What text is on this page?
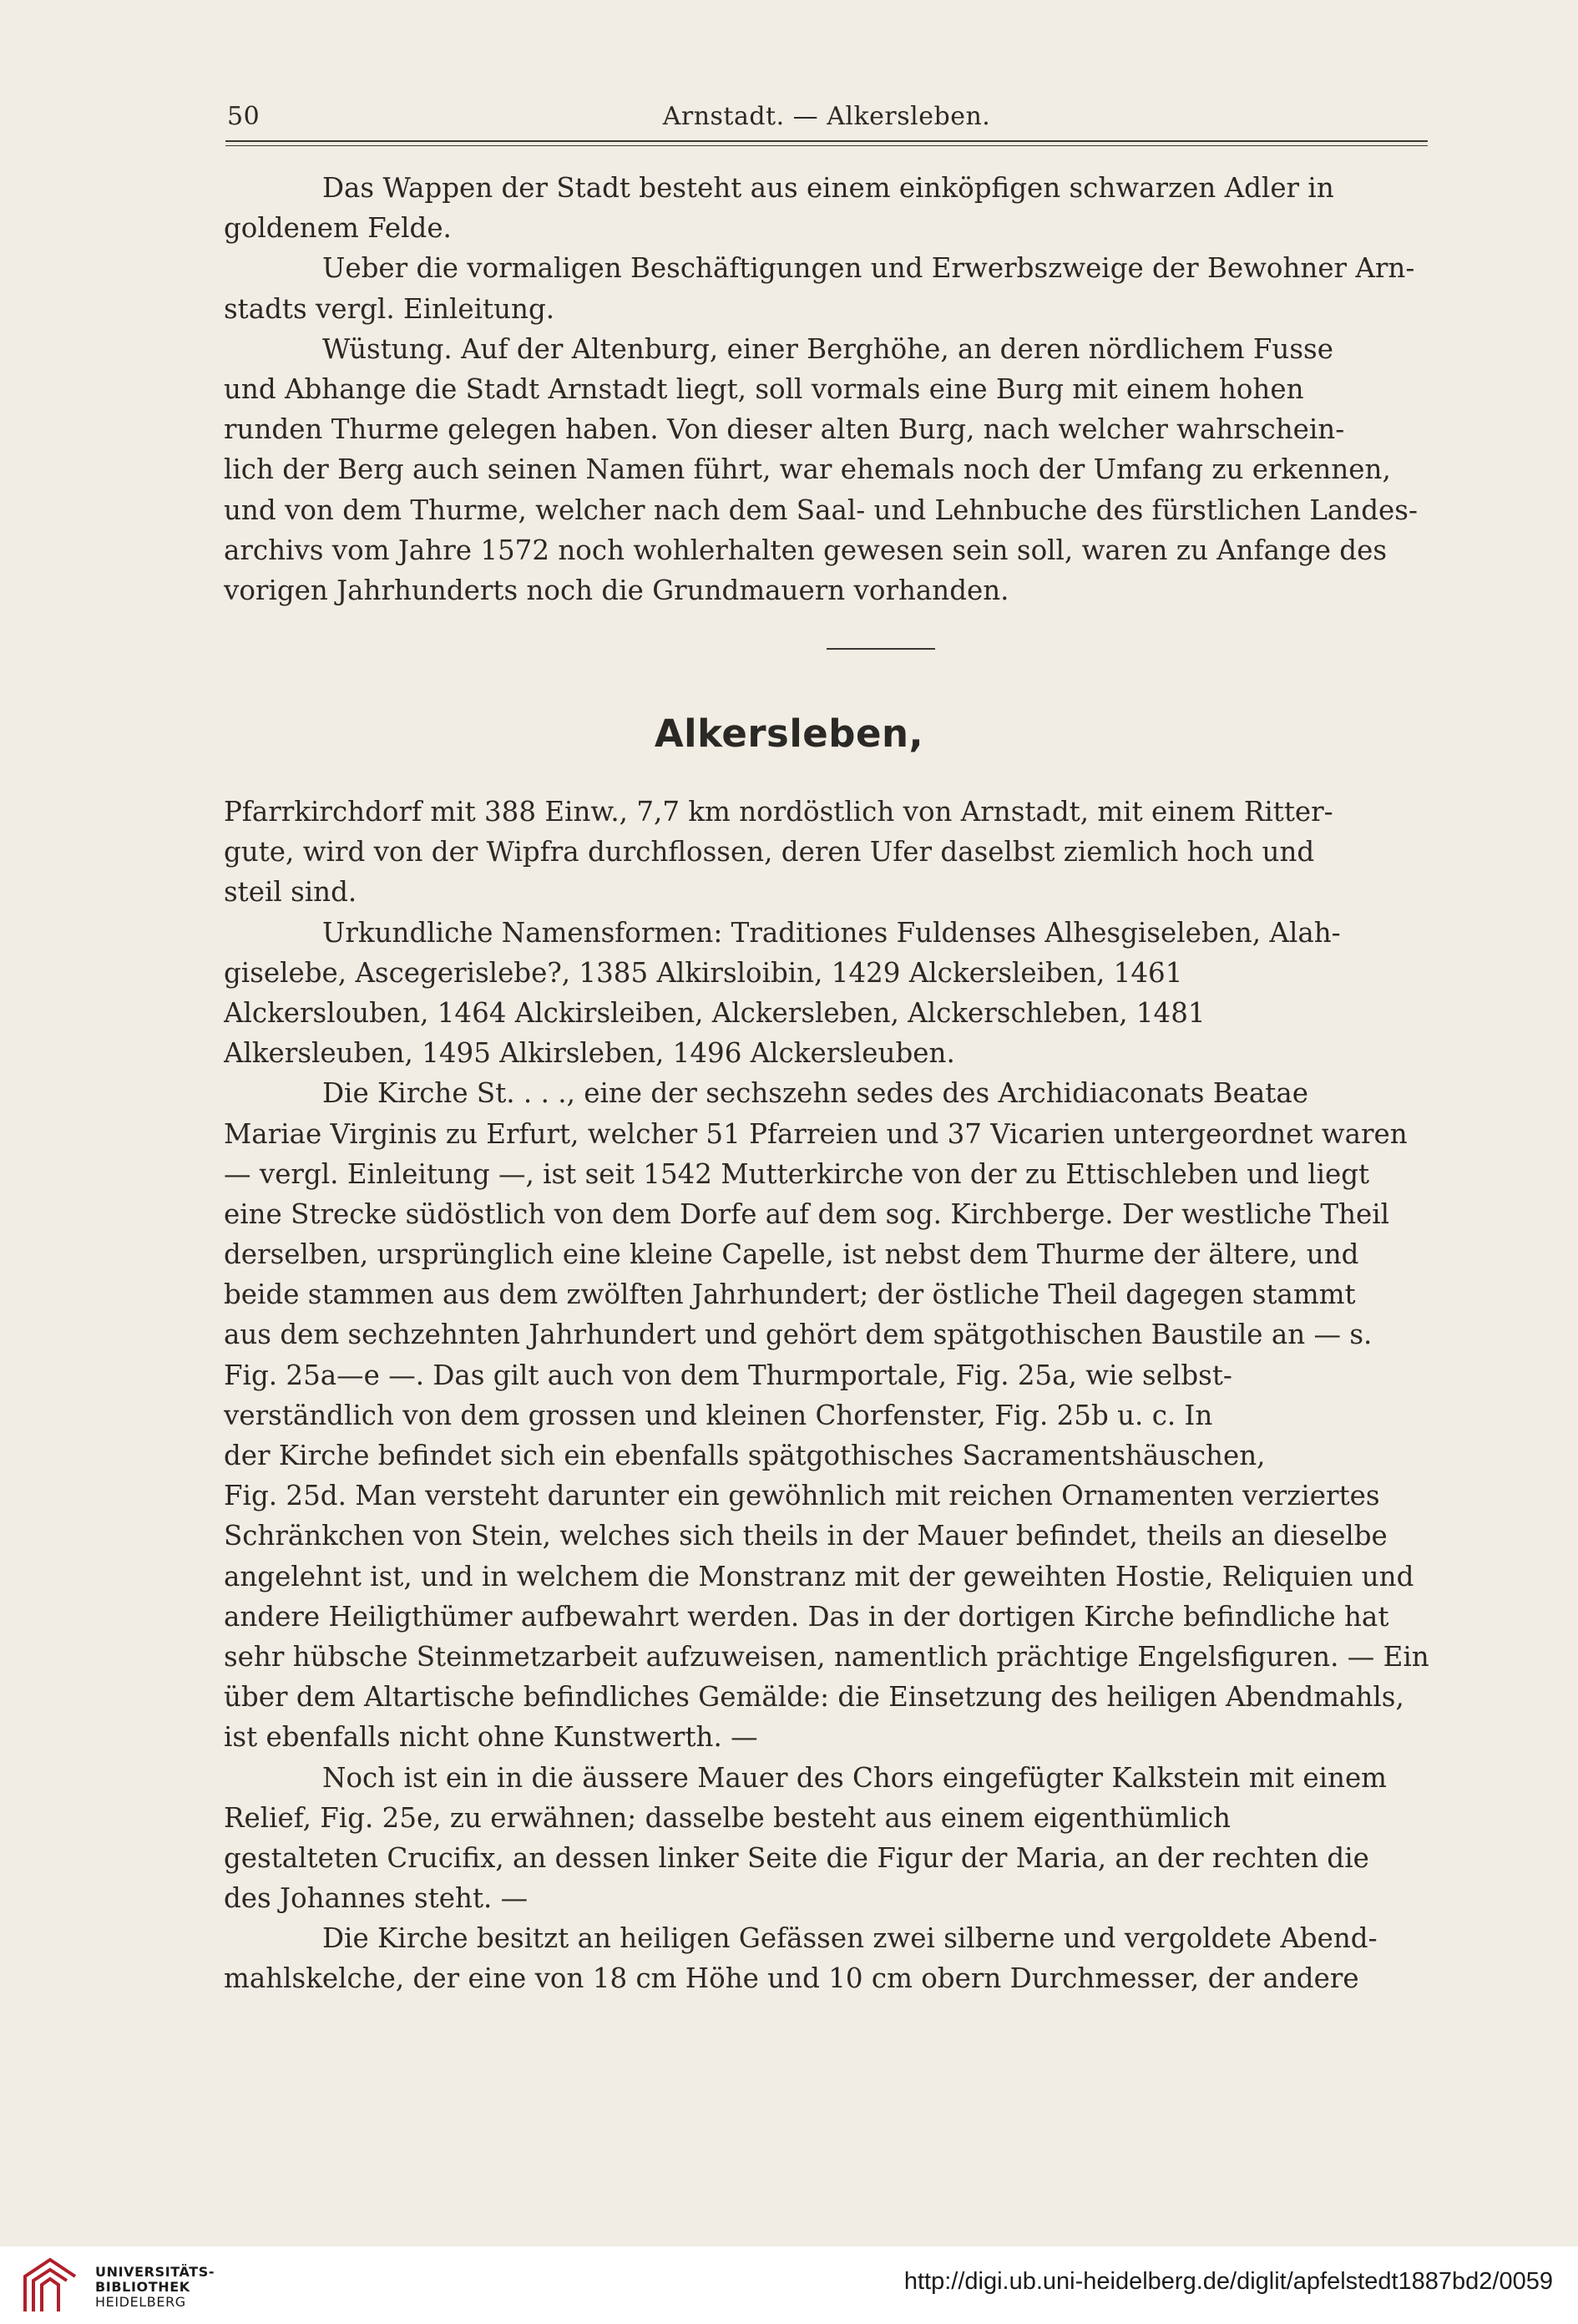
50	Arnstadt. — Alkersleben.
Das Wappen der Stadt besteht aus einem einköpfigen schwarzen Adler in
goldenem Felde.
Ueber die vormaligen Beschäftigungen und Erwerbszweige der Bewohner Arn-
stadts vergl. Einleitung.
Wüstung. Auf der Altenburg, einer Berghöhe, an deren nördlichem Fusse
und Abhange die Stadt Arnstadt liegt, soll vormals eine Burg mit einem hohen
runden Thurme gelegen haben. Von dieser alten Burg, nach welcher wahrschein-
lich der Berg auch seinen Namen führt, war ehemals noch der Umfang zu erkennen,
und von dem Thurme, welcher nach dem Saal- und Lehnbuche des fürstlichen Landes-
archivs vom Jahre 1572 noch wohlerhalten gewesen sein soll, waren zu Anfange des
vorigen Jahrhunderts noch die Grundmauern vorhanden.
Alkersleben,
Pfarrkirchdorf mit 388 Einw., 7,7 km nordöstlich von Arnstadt, mit einem Ritter-
gute, wird von der Wipfra durchflossen, deren Ufer daselbst ziemlich hoch und
steil sind.
Urkundliche Namensformen: Traditiones Fuldenses Alhesgiseleben, Alah-
giselebe, Ascegerislebe?, 1385 Alkirsloibin, 1429 Alckersleiben, 1461
Alckerslouben, 1464 Alckirsleiben, Alckersleben, Alckerschleben, 1481
Alkersleuben, 1495 Alkirsleben, 1496 Alckersleuben.
Die Kirche St. . . ., eine der sechszehn sedes des Archidiaconats Beatae
Mariae Virginis zu Erfurt, welcher 51 Pfarreien und 37 Vicarien untergeordnet waren
— vergl. Einleitung —, ist seit 1542 Mutterkirche von der zu Ettischleben und liegt
eine Strecke südöstlich von dem Dorfe auf dem sog. Kirchberge. Der westliche Theil
derselben, ursprünglich eine kleine Capelle, ist nebst dem Thurme der ältere, und
beide stammen aus dem zwölften Jahrhundert; der östliche Theil dagegen stammt
aus dem sechzehnten Jahrhundert und gehört dem spätgothischen Baustile an — s.
Fig. 25a—e —. Das gilt auch von dem Thurmportale, Fig. 25a, wie selbst-
verständlich von dem grossen und kleinen Chorfenster, Fig. 25b u. c. In
der Kirche befindet sich ein ebenfalls spätgothisches Sacramentshäuschen,
Fig. 25d. Man versteht darunter ein gewöhnlich mit reichen Ornamenten verziertes
Schränkchen von Stein, welches sich theils in der Mauer befindet, theils an dieselbe
angelehnt ist, und in welchem die Monstranz mit der geweihten Hostie, Reliquien und
andere Heiligthümer aufbewahrt werden. Das in der dortigen Kirche befindliche hat
sehr hübsche Steinmetzarbeit aufzuweisen, namentlich prächtige Engelsfiguren. — Ein
über dem Altartische befindliches Gemälde: die Einsetzung des heiligen Abendmahls,
ist ebenfalls nicht ohne Kunstwerth. —
Noch ist ein in die äussere Mauer des Chors eingefügter Kalkstein mit einem
Relief, Fig. 25e, zu erwähnen; dasselbe besteht aus einem eigenthümlich
gestalteten Crucifix, an dessen linker Seite die Figur der Maria, an der rechten die
des Johannes steht. —
Die Kirche besitzt an heiligen Gefässen zwei silberne und vergoldete Abend-
mahlskelche, der eine von 18 cm Höhe und 10 cm obern Durchmesser, der andere
UNIVERSITÄTS-
BIBLIOTHEK
HEIDELBERG
http://digi.ub.uni-heidelberg.de/diglit/apfelstedt1887bd2/0059
